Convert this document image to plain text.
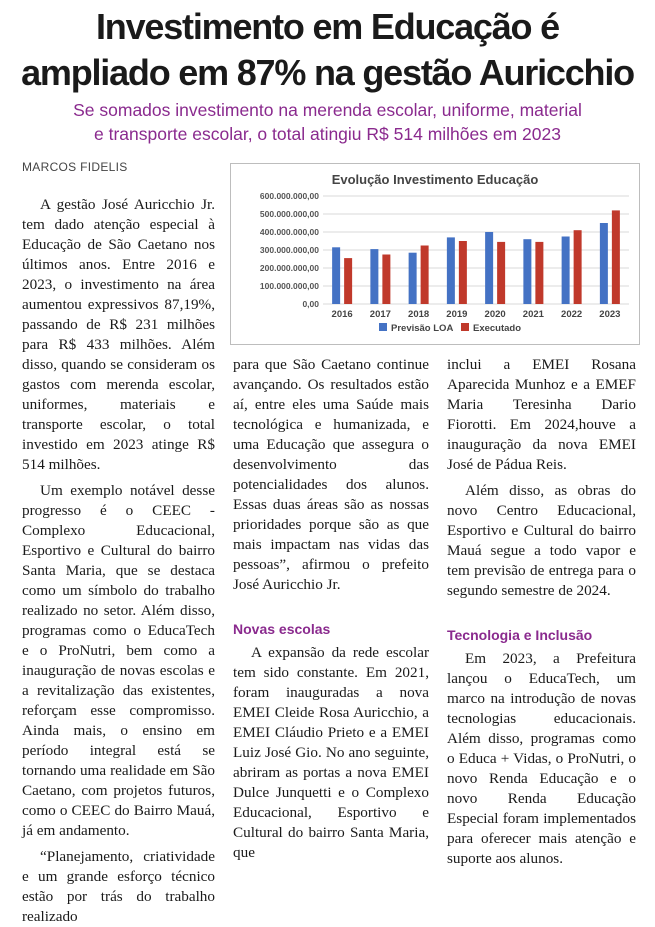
Investimento em Educação é
ampliado em 87% na gestão Auricchio
Se somados investimento na merenda escolar, uniforme, material
e transporte escolar, o total atingiu R$ 514 milhões em 2023
MARCOS FIDELIS
Evolução Investimento Educação
0,00
100.000.000,00
200.000.000,00
300.000.000,00
400.000.000,00
500.000.000,00
600.000.000,00
2016 2017 2018 2019 2020 2021 2022 2023
Previsão LOA Executado

A gestão José Auricchio Jr. tem dado atenção especial à Educação de São Caetano nos últimos anos. Entre 2016 e 2023, o investimento na área aumentou expressivos 87,19%, passando de R$ 231 milhões para R$ 433 milhões. Além disso, quando se consideram os gastos com merenda escolar, uniformes, materiais e transporte escolar, o total investido em 2023 atinge R$ 514 milhões.

Um exemplo notável desse progresso é o CEEC - Complexo Educacional, Esportivo e Cultural do bairro Santa Maria, que se destaca como um símbolo do trabalho realizado no setor. Além disso, programas como o EducaTech e o ProNutri, bem como a inauguração de novas escolas e a revitalização das existentes, reforçam esse compromisso. Ainda mais, o ensino em período integral está se tornando uma realidade em São Caetano, com projetos futuros, como o CEEC do Bairro Mauá, já em andamento.

“Planejamento, criatividade e um grande esforço técnico estão por trás do trabalho realizado

para que São Caetano continue avançando. Os resultados estão aí, entre eles uma Saúde mais tecnológica e humanizada, e uma Educação que assegura o desenvolvimento das potencialidades dos alunos. Essas duas áreas são as nossas prioridades porque são as que mais impactam nas vidas das pessoas”, afirmou o prefeito José Auricchio Jr.

Novas escolas

A expansão da rede escolar tem sido constante. Em 2021, foram inauguradas a nova EMEI Cleide Rosa Auricchio, a EMEI Cláudio Prieto e a EMEI Luiz José Gio. No ano seguinte, abriram as portas a nova EMEI Dulce Junquetti e o Complexo Educacional, Esportivo e Cultural do bairro Santa Maria, que

inclui a EMEI Rosana Aparecida Munhoz e a EMEF Maria Teresinha Dario Fiorotti. Em 2024,houve a inauguração da nova EMEI José de Pádua Reis.

Além disso, as obras do novo Centro Educacional, Esportivo e Cultural do bairro Mauá segue a todo vapor e tem previsão de entrega para o segundo semestre de 2024.

Tecnologia e Inclusão

Em 2023, a Prefeitura lançou o EducaTech, um marco na introdução de novas tecnologias educacionais. Além disso, programas como o Educa + Vidas, o ProNutri, o novo Renda Educação e o novo Renda Educação Especial foram implementados para oferecer mais atenção e suporte aos alunos.
